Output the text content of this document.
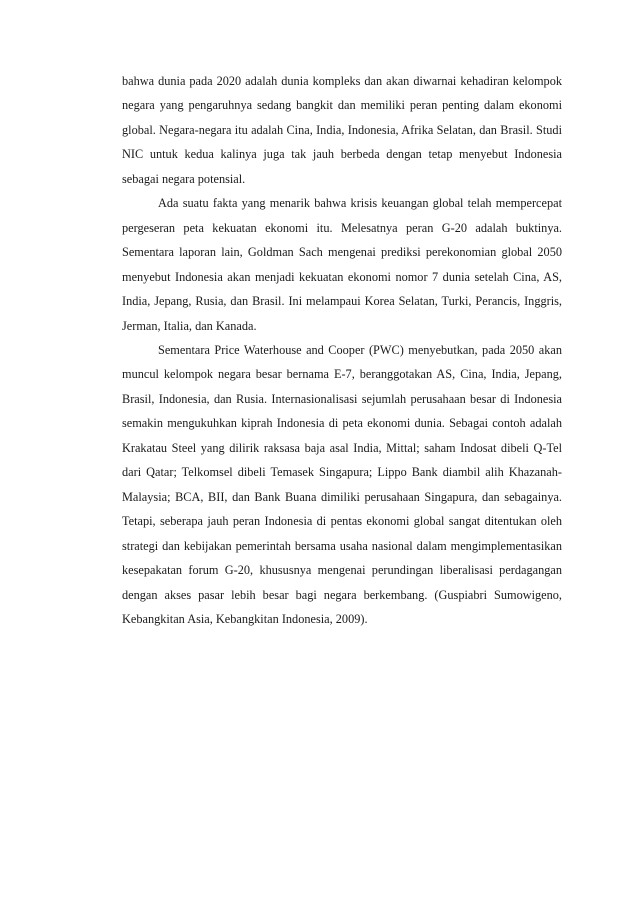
bahwa dunia pada 2020 adalah dunia kompleks dan akan diwarnai kehadiran kelompok negara yang pengaruhnya sedang bangkit dan memiliki peran penting dalam ekonomi global. Negara-negara itu adalah Cina, India, Indonesia, Afrika Selatan, dan Brasil. Studi NIC untuk kedua kalinya juga tak jauh berbeda dengan tetap menyebut Indonesia sebagai negara potensial.

Ada suatu fakta yang menarik bahwa krisis keuangan global telah mempercepat pergeseran peta kekuatan ekonomi itu. Melesatnya peran G-20 adalah buktinya. Sementara laporan lain, Goldman Sach mengenai prediksi perekonomian global 2050 menyebut Indonesia akan menjadi kekuatan ekonomi nomor 7 dunia setelah Cina, AS, India, Jepang, Rusia, dan Brasil. Ini melampaui Korea Selatan, Turki, Perancis, Inggris, Jerman, Italia, dan Kanada.

Sementara Price Waterhouse and Cooper (PWC) menyebutkan, pada 2050 akan muncul kelompok negara besar bernama E-7, beranggotakan AS, Cina, India, Jepang, Brasil, Indonesia, dan Rusia. Internasionalisasi sejumlah perusahaan besar di Indonesia semakin mengukuhkan kiprah Indonesia di peta ekonomi dunia. Sebagai contoh adalah Krakatau Steel yang dilirik raksasa baja asal India, Mittal; saham Indosat dibeli Q-Tel dari Qatar; Telkomsel dibeli Temasek Singapura; Lippo Bank diambil alih Khazanah-Malaysia; BCA, BII, dan Bank Buana dimiliki perusahaan Singapura, dan sebagainya. Tetapi, seberapa jauh peran Indonesia di pentas ekonomi global sangat ditentukan oleh strategi dan kebijakan pemerintah bersama usaha nasional dalam mengimplementasikan kesepakatan forum G-20, khususnya mengenai perundingan liberalisasi perdagangan dengan akses pasar lebih besar bagi negara berkembang. (Guspiabri Sumowigeno, Kebangkitan Asia, Kebangkitan Indonesia, 2009).
